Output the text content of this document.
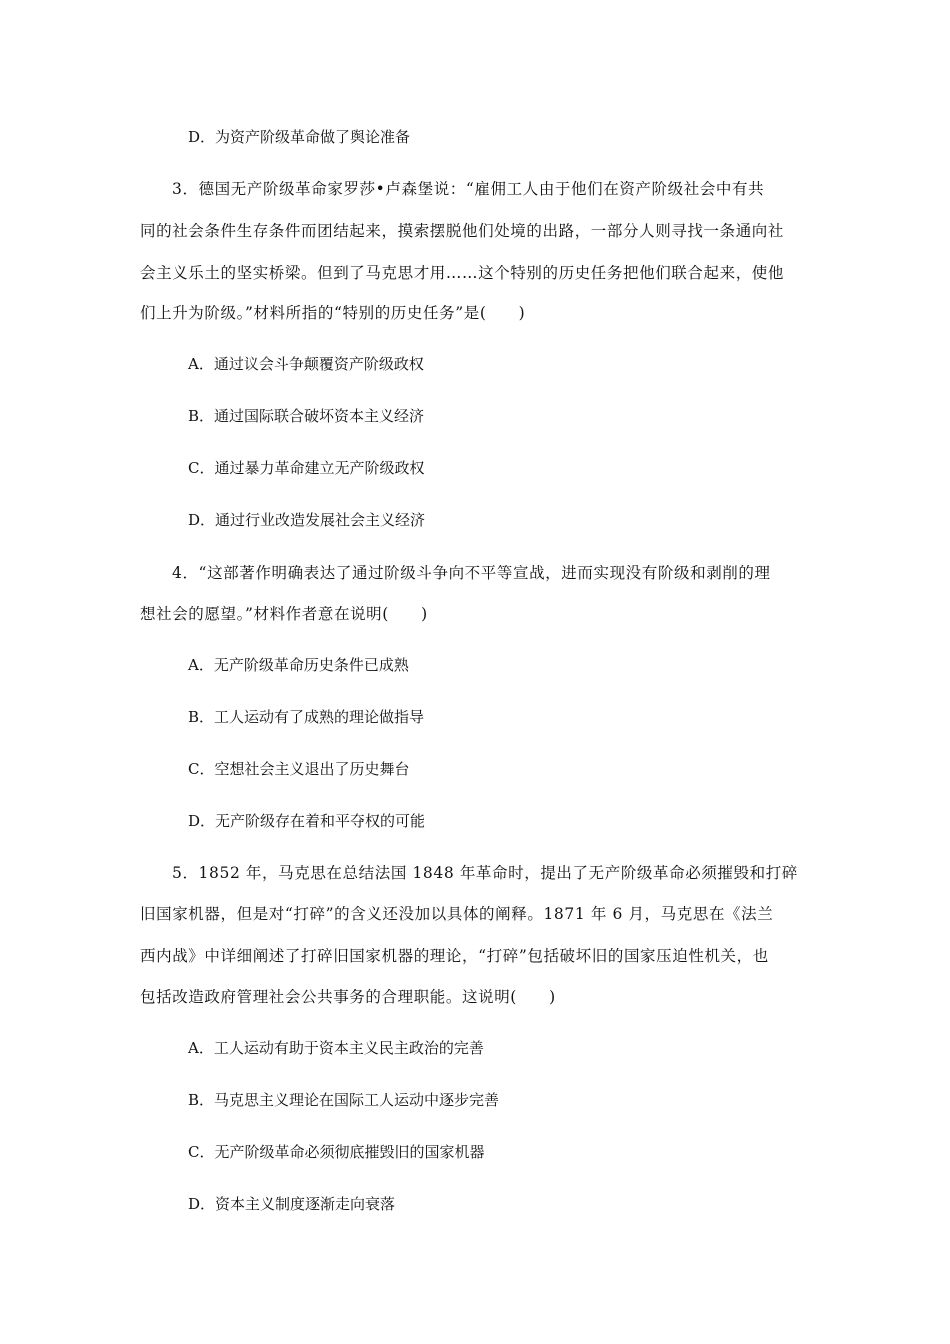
D．为资产阶级革命做了舆论准备
3．德国无产阶级革命家罗莎•卢森堡说：“雇佣工人由于他们在资产阶级社会中有共
同的社会条件生存条件而团结起来，摸索摆脱他们处境的出路，一部分人则寻找一条通向社
会主义乐土的坚实桥梁。但到了马克思才用……这个特别的历史任务把他们联合起来，使他
们上升为阶级。”材料所指的“特别的历史任务”是(　　)
A．通过议会斗争颠覆资产阶级政权
B．通过国际联合破坏资本主义经济
C．通过暴力革命建立无产阶级政权
D．通过行业改造发展社会主义经济
4．“这部著作明确表达了通过阶级斗争向不平等宣战，进而实现没有阶级和剥削的理
想社会的愿望。”材料作者意在说明(　　)
A．无产阶级革命历史条件已成熟
B．工人运动有了成熟的理论做指导
C．空想社会主义退出了历史舞台
D．无产阶级存在着和平夺权的可能
5．1852 年，马克思在总结法国 1848 年革命时，提出了无产阶级革命必须摧毁和打碎
旧国家机器，但是对“打碎”的含义还没加以具体的阐释。1871 年 6 月，马克思在《法兰
西内战》中详细阐述了打碎旧国家机器的理论，“打碎”包括破坏旧的国家压迫性机关，也
包括改造政府管理社会公共事务的合理职能。这说明(　　)
A．工人运动有助于资本主义民主政治的完善
B．马克思主义理论在国际工人运动中逐步完善
C．无产阶级革命必须彻底摧毁旧的国家机器
D．资本主义制度逐渐走向衰落
